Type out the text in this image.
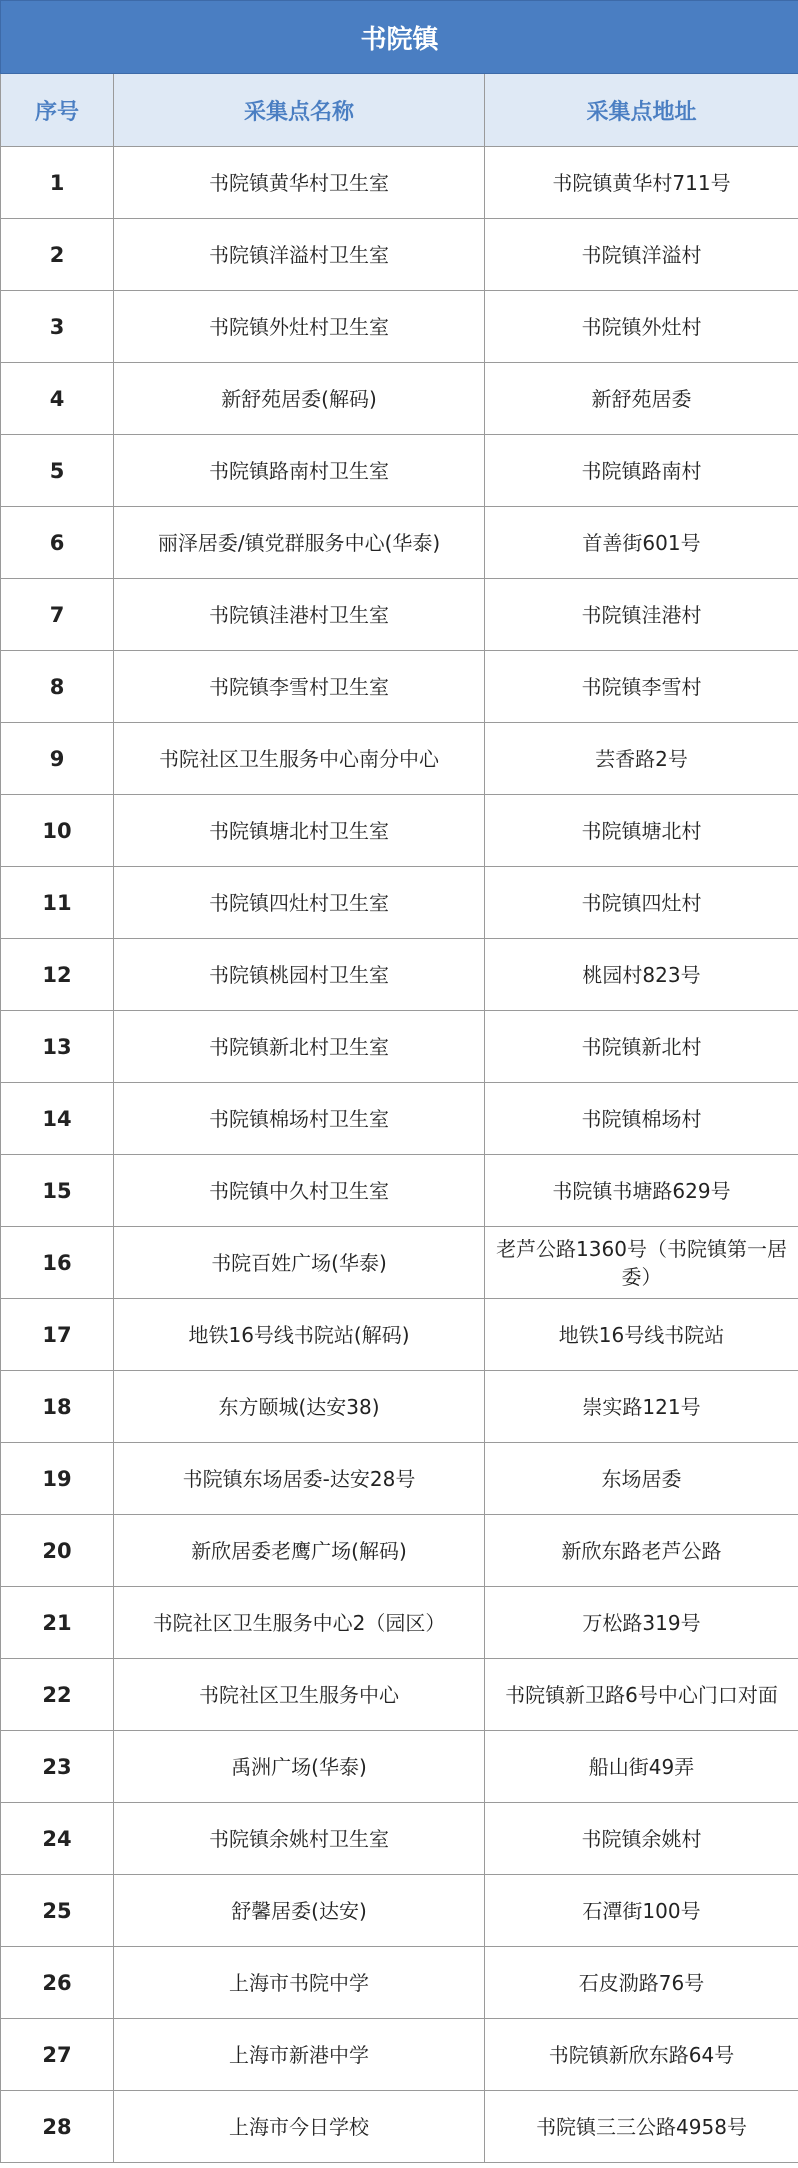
书院镇		
序号	采集点名称	采集点地址
1	书院镇黄华村卫生室	书院镇黄华村711号
2	书院镇洋溢村卫生室	书院镇洋溢村
3	书院镇外灶村卫生室	书院镇外灶村
4	新舒苑居委(解码)	新舒苑居委
5	书院镇路南村卫生室	书院镇路南村
6	丽泽居委/镇党群服务中心(华泰)	首善街601号
7	书院镇洼港村卫生室	书院镇洼港村
8	书院镇李雪村卫生室	书院镇李雪村
9	书院社区卫生服务中心南分中心	芸香路2号
10	书院镇塘北村卫生室	书院镇塘北村
11	书院镇四灶村卫生室	书院镇四灶村
12	书院镇桃园村卫生室	桃园村823号
13	书院镇新北村卫生室	书院镇新北村
14	书院镇棉场村卫生室	书院镇棉场村
15	书院镇中久村卫生室	书院镇书塘路629号
16	书院百姓广场(华泰)	老芦公路1360号（书院镇第一居委）
17	地铁16号线书院站(解码)	地铁16号线书院站
18	东方颐城(达安38)	崇实路121号
19	书院镇东场居委-达安28号	东场居委
20	新欣居委老鹰广场(解码)	新欣东路老芦公路
21	书院社区卫生服务中心2（园区）	万松路319号
22	书院社区卫生服务中心	书院镇新卫路6号中心门口对面
23	禹洲广场(华泰)	船山街49弄
24	书院镇余姚村卫生室	书院镇余姚村
25	舒馨居委(达安)	石潭街100号
26	上海市书院中学	石皮泐路76号
27	上海市新港中学	书院镇新欣东路64号
28	上海市今日学校	书院镇三三公路4958号
